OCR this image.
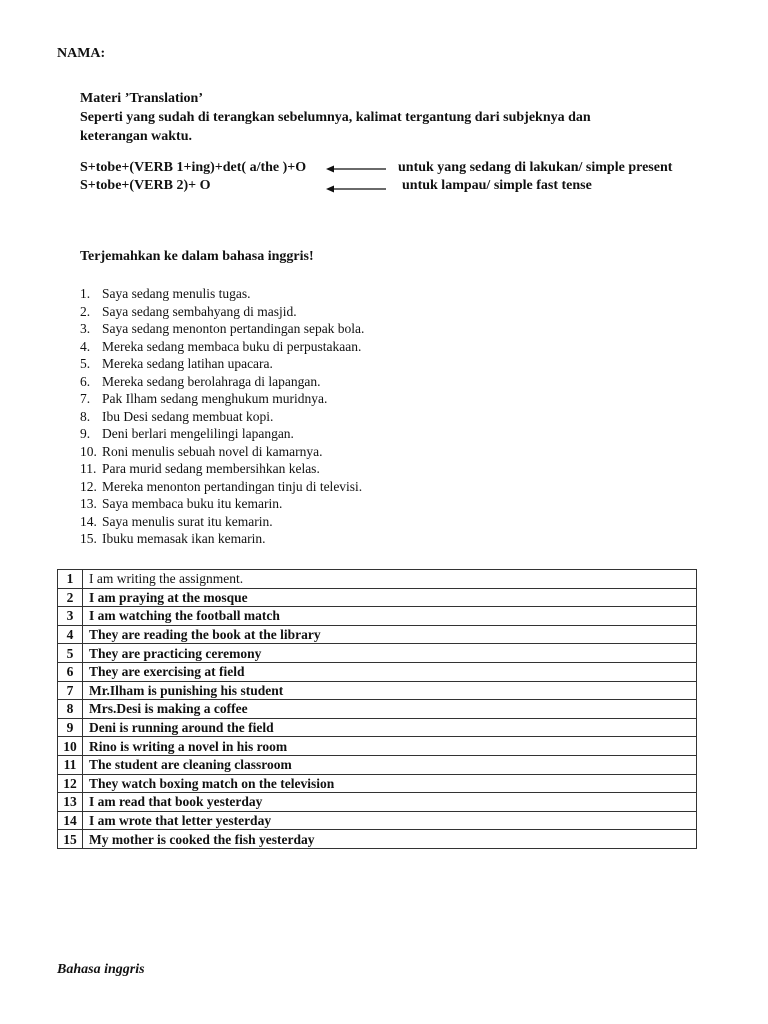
NAMA:
Materi ’Translation’
Seperti yang sudah di terangkan sebelumnya, kalimat tergantung dari subjeknya dan
keterangan waktu.
S+tobe+(VERB 1+ing)+det( a/the )+O	untuk yang sedang di lakukan/ simple present
S+tobe+(VERB 2)+ O	untuk lampau/ simple fast tense
Terjemahkan ke dalam bahasa inggris!
1. Saya sedang menulis tugas.
2. Saya sedang sembahyang di masjid.
3. Saya sedang menonton pertandingan sepak bola.
4. Mereka sedang membaca buku di perpustakaan.
5. Mereka sedang latihan upacara.
6. Mereka sedang berolahraga di lapangan.
7. Pak Ilham sedang menghukum muridnya.
8. Ibu Desi sedang membuat kopi.
9. Deni berlari mengelilingi lapangan.
10. Roni menulis sebuah novel di kamarnya.
11. Para murid sedang membersihkan kelas.
12. Mereka menonton pertandingan tinju di televisi.
13. Saya membaca buku itu kemarin.
14. Saya menulis surat itu kemarin.
15. Ibuku memasak ikan kemarin.
1	I am writing the assignment.
2	I am praying at the mosque
3	I am watching the football match
4	They are reading the book at the library
5	They are practicing ceremony
6	They are exercising at field
7	Mr.Ilham is punishing his student
8	Mrs.Desi is making a coffee
9	Deni is running around the field
10	Rino is writing a novel in his room
11	The student are cleaning classroom
12	They watch boxing match on the television
13	I am read that book yesterday
14	I am wrote that letter yesterday
15	My mother is cooked the fish yesterday
Bahasa inggris
